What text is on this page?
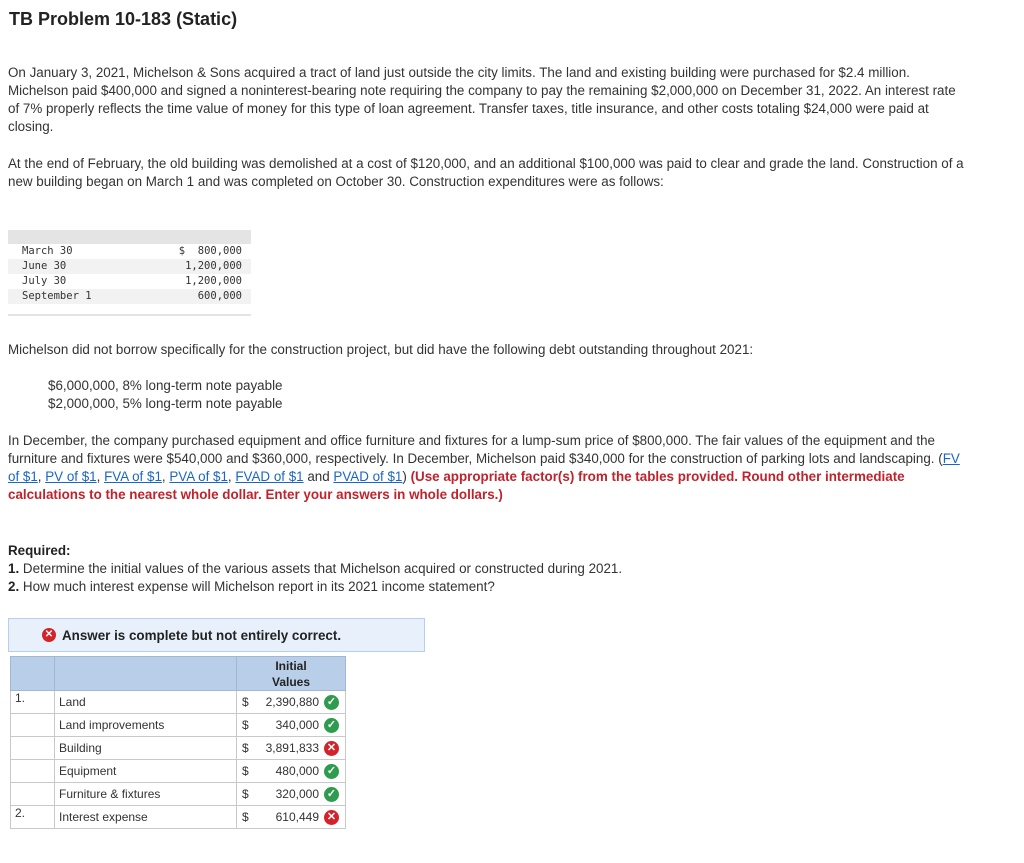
TB Problem 10-183 (Static)
On January 3, 2021, Michelson & Sons acquired a tract of land just outside the city limits. The land and existing building were purchased for $2.4 million. Michelson paid $400,000 and signed a noninterest-bearing note requiring the company to pay the remaining $2,000,000 on December 31, 2022. An interest rate of 7% properly reflects the time value of money for this type of loan agreement. Transfer taxes, title insurance, and other costs totaling $24,000 were paid at closing.
At the end of February, the old building was demolished at a cost of $120,000, and an additional $100,000 was paid to clear and grade the land. Construction of a new building began on March 1 and was completed on October 30. Construction expenditures were as follows:
March 30	$  800,000
June 30	1,200,000
July 30	1,200,000
September 1	600,000
Michelson did not borrow specifically for the construction project, but did have the following debt outstanding throughout 2021:
$6,000,000, 8% long-term note payable
$2,000,000, 5% long-term note payable
In December, the company purchased equipment and office furniture and fixtures for a lump-sum price of $800,000. The fair values of the equipment and the furniture and fixtures were $540,000 and $360,000, respectively. In December, Michelson paid $340,000 for the construction of parking lots and landscaping. (FV of $1, PV of $1, FVA of $1, PVA of $1, FVAD of $1 and PVAD of $1) (Use appropriate factor(s) from the tables provided. Round other intermediate calculations to the nearest whole dollar. Enter your answers in whole dollars.)
Required:
1. Determine the initial values of the various assets that Michelson acquired or constructed during 2021.
2. How much interest expense will Michelson report in its 2021 income statement?
✕ Answer is complete but not entirely correct.

		Initial Values

1.	Land	$ 2,390,880 ✓

	Land improvements	$ 340,000 ✓

	Building	$ 3,891,833 ✕

	Equipment	$ 480,000 ✓

	Furniture & fixtures	$ 320,000 ✓

2.	Interest expense	$ 610,449 ✕
